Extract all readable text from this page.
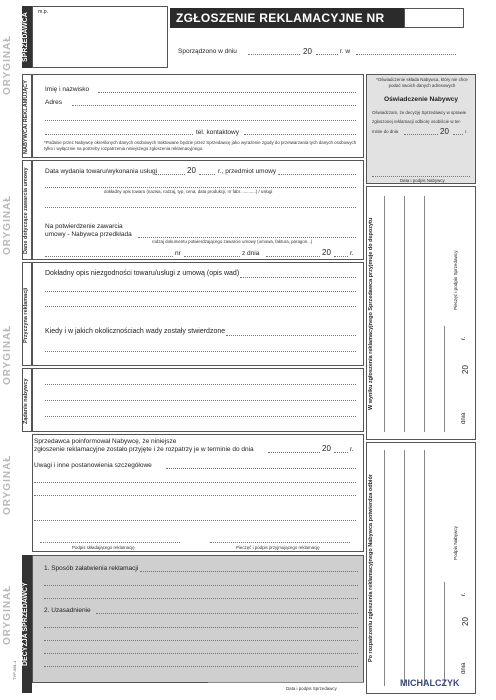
ORYGINAŁ
ORYGINAŁ
ORYGINAŁ
ORYGINAŁ
ORYGINAŁ
SPRZEDAWCA
m.p.	ZGŁOSZENIE REKLAMACYJNE NR
Sporządzono w dniu	20	r. w
NABYWCA/ REKLAMUJĄCY	Imię i nazwisko
Adres
tel. kontaktowy
*Podanie przez Nabywcę określonych danych osobowych traktowane będzie przez Sprzedawcę jako wyrażenie zgody do przetwarzania tych danych osobowych tylko i wyłącznie na potrzeby rozpatrzenia niniejszego zgłoszenia reklamacyjnego.
*Oświadczenie składa Nabywca, który nie chce podać swoich danych adresowych
Oświadczenie Nabywcy
Oświadczam, że decyzję Sprzedawcy w sprawie
zgłoszonej reklamacji odbiorę osobiście w ter-
minie do dnia	20	r.
Data i podpis Nabywcy
Dane dotyczące zawarcia umowy	Data wydania towaru/wykonania usługi	20	r., przedmiot umowy
dokładny opis towaru (nazwa, rodzaj, typ, cena, data produkcji, nr fabr. ...........) / usługi
Na potwierdzenie zawarcia
umowy - Nabywca przedkłada
rodzaj dokumentu potwierdzającego zawarcie umowy (umowa, faktura, paragon...)
nr	z dnia	20	r.
Przyczyna reklamacji
Dokładny opis niezgodności towaru/usługi z umową (opis wad)
Kiedy i w jakich okolicznościach wady zostały stwierdzone
Żądanie nabywcy
Sprzedawca poinformował Nabywcę, że niniejsze
zgłoszenie reklamacyjne zostało przyjęte i że rozpatrzy je w terminie do dnia	20	r.
Uwagi i inne postanowienia szczegółowe
Podpis składającego reklamację	Pieczęć i podpis przyjmującego reklamację
DECYZJA SPRZEDAWCY
1. Sposób załatwienia reklamacji
2. Uzasadnienie
Data i podpis Sprzedawcy
W wyniku zgłoszenia reklamacyjnego Sprzedawca przyjmuje do depozytu	Pieczęć i podpis Sprzedawcy
r.
20
dnia
Po rozpatrzeniu zgłoszenia reklamacyjnego Nabywca potwierdza odbiór	Podpis Nabywcy
r.
20
dnia
TYP-681-1
MICHALCZYK
